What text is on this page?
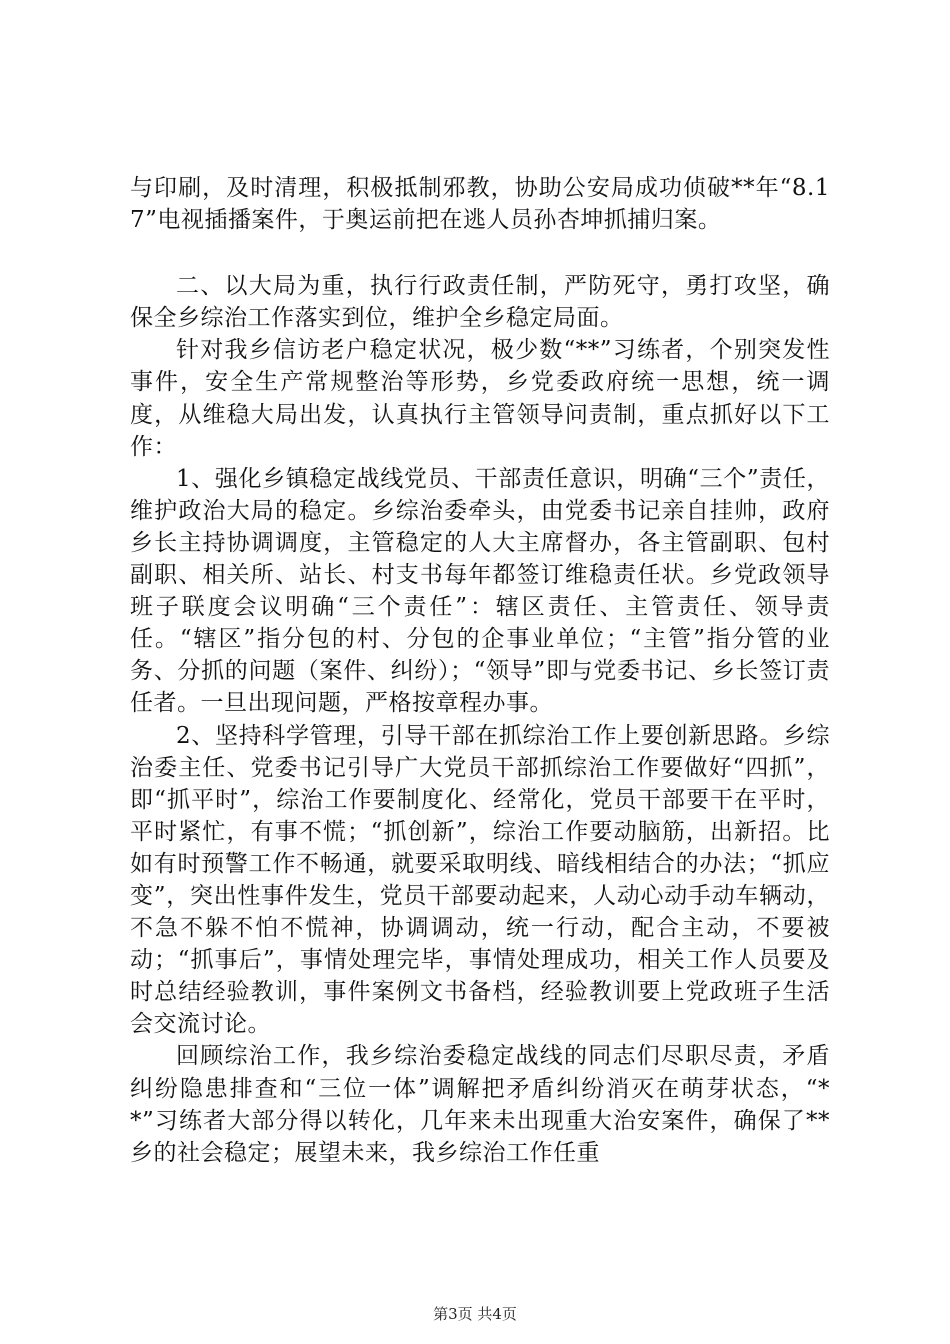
与印刷，及时清理，积极抵制邪教，协助公安局成功侦破**年“8.17”电视插播案件，于奥运前把在逃人员孙杏坤抓捕归案。

二、以大局为重，执行行政责任制，严防死守，勇打攻坚，确保全乡综治工作落实到位，维护全乡稳定局面。

针对我乡信访老户稳定状况，极少数“**”习练者，个别突发性事件，安全生产常规整治等形势，乡党委政府统一思想，统一调度，从维稳大局出发，认真执行主管领导问责制，重点抓好以下工作：

1、强化乡镇稳定战线党员、干部责任意识，明确“三个”责任，维护政治大局的稳定。乡综治委牵头，由党委书记亲自挂帅，政府乡长主持协调调度，主管稳定的人大主席督办，各主管副职、包村副职、相关所、站长、村支书每年都签订维稳责任状。乡党政领导班子联度会议明确“三个责任”：辖区责任、主管责任、领导责任。“辖区”指分包的村、分包的企事业单位；“主管”指分管的业务、分抓的问题（案件、纠纷）；“领导”即与党委书记、乡长签订责任者。一旦出现问题，严格按章程办事。

2、坚持科学管理，引导干部在抓综治工作上要创新思路。乡综治委主任、党委书记引导广大党员干部抓综治工作要做好“四抓”，即“抓平时”，综治工作要制度化、经常化，党员干部要干在平时，平时紧忙，有事不慌；“抓创新”，综治工作要动脑筋，出新招。比如有时预警工作不畅通，就要采取明线、暗线相结合的办法；“抓应变”，突出性事件发生，党员干部要动起来，人动心动手动车辆动，不急不躲不怕不慌神，协调调动，统一行动，配合主动，不要被动；“抓事后”，事情处理完毕，事情处理成功，相关工作人员要及时总结经验教训，事件案例文书备档，经验教训要上党政班子生活会交流讨论。

回顾综治工作，我乡综治委稳定战线的同志们尽职尽责，矛盾纠纷隐患排查和“三位一体”调解把矛盾纠纷消灭在萌芽状态，“**”习练者大部分得以转化，几年来未出现重大治安案件，确保了**乡的社会稳定；展望未来，我乡综治工作任重

第3页 共4页
